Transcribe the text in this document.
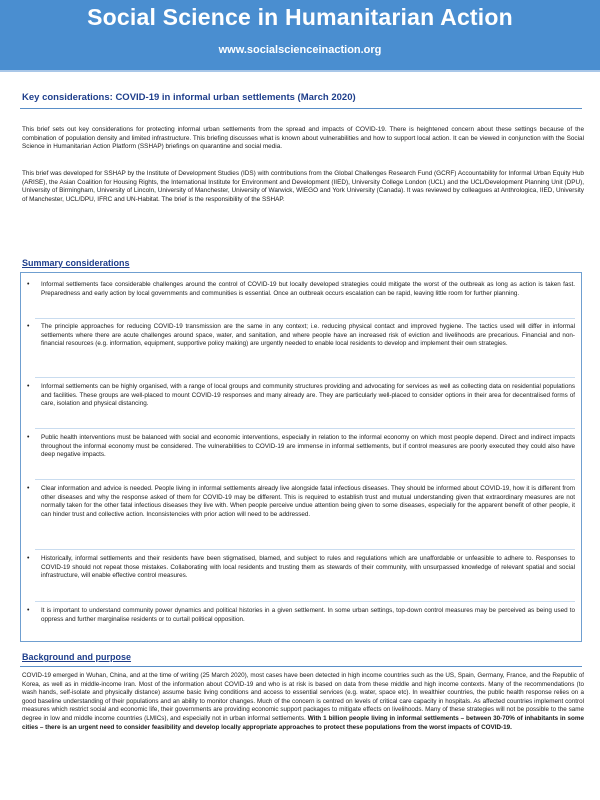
Social Science in Humanitarian Action
www.socialscienceinaction.org
Key considerations: COVID-19 in informal urban settlements (March 2020)

This brief sets out key considerations for protecting informal urban settlements from the spread and impacts of COVID-19. There is heightened concern about these settings because of the combination of population density and limited infrastructure. This briefing discusses what is known about vulnerabilities and how to support local action. It can be viewed in conjunction with the Social Science in Humanitarian Action Platform (SSHAP) briefings on quarantine and social media.

This brief was developed for SSHAP by the Institute of Development Studies (IDS) with contributions from the Global Challenges Research Fund (GCRF) Accountability for Informal Urban Equity Hub (ARISE), the Asian Coalition for Housing Rights, the International Institute for Environment and Development (IIED), University College London (UCL) and the UCL/Development Planning Unit (DPU), University of Birmingham, University of Lincoln, University of Manchester, University of Warwick, WIEGO and York University (Canada). It was reviewed by colleagues at Anthrologica, IIED, University of Manchester, UCL/DPU, IFRC and UN-Habitat. The brief is the responsibility of the SSHAP.

Summary considerations
• Informal settlements face considerable challenges around the control of COVID-19 but locally developed strategies could mitigate the worst of the outbreak as long as action is taken fast. Preparedness and early action by local governments and communities is essential. Once an outbreak occurs escalation can be rapid, leaving little room for further planning.
• The principle approaches for reducing COVID-19 transmission are the same in any context; i.e. reducing physical contact and improved hygiene. The tactics used will differ in informal settlements where there are acute challenges around space, water, and sanitation, and where people have an increased risk of eviction and livelihoods are precarious. Financial and non-financial resources (e.g. information, equipment, supportive policy making) are urgently needed to enable local residents to develop and implement their own strategies.
• Informal settlements can be highly organised, with a range of local groups and community structures providing and advocating for services as well as collecting data on residential populations and facilities. These groups are well-placed to mount COVID-19 responses and many already are. They are particularly well-placed to consider options in their area for decentralised forms of care, isolation and physical distancing.
• Public health interventions must be balanced with social and economic interventions, especially in relation to the informal economy on which most people depend. Direct and indirect impacts throughout the informal economy must be considered. The vulnerabilities to COVID-19 are immense in informal settlements, but if control measures are poorly executed they could also have deep negative impacts.
• Clear information and advice is needed. People living in informal settlements already live alongside fatal infectious diseases. They should be informed about COVID-19, how it is different from other diseases and why the response asked of them for COVID-19 may be different. This is required to establish trust and mutual understanding given that extraordinary measures are not normally taken for the other fatal infectious diseases they live with. When people perceive undue attention being given to some diseases, especially for the apparent benefit of other people, it can hinder trust and collective action. Inconsistencies with prior action will need to be addressed.
• Historically, informal settlements and their residents have been stigmatised, blamed, and subject to rules and regulations which are unaffordable or unfeasible to adhere to. Responses to COVID-19 should not repeat those mistakes. Collaborating with local residents and trusting them as stewards of their community, with unsurpassed knowledge of relevant spatial and social infrastructure, will enable effective control measures.
• It is important to understand community power dynamics and political histories in a given settlement. In some urban settings, top-down control measures may be perceived as being used to oppress and further marginalise residents or to curtail political opposition.
Background and purpose

COVID-19 emerged in Wuhan, China, and at the time of writing (25 March 2020), most cases have been detected in high income countries such as the US, Spain, Germany, France, and the Republic of Korea, as well as in middle-income Iran. Most of the information about COVID-19 and who is at risk is based on data from these middle and high income contexts. Many of the recommendations (to wash hands, self-isolate and physically distance) assume basic living conditions and access to essential services (e.g. water, space etc). In wealthier countries, the public health response relies on a good baseline understanding of their populations and an ability to monitor changes. Much of the concern is centred on levels of critical care capacity in hospitals. As affected countries implement control measures which restrict social and economic life, their governments are providing economic support packages to mitigate effects on livelihoods. Many of these strategies will not be possible to the same degree in low and middle income countries (LMICs), and especially not in urban informal settlements. With 1 billion people living in informal settlements – between 30-70% of inhabitants in some cities – there is an urgent need to consider feasibility and develop locally appropriate approaches to protect these populations from the worst impacts of COVID-19.
